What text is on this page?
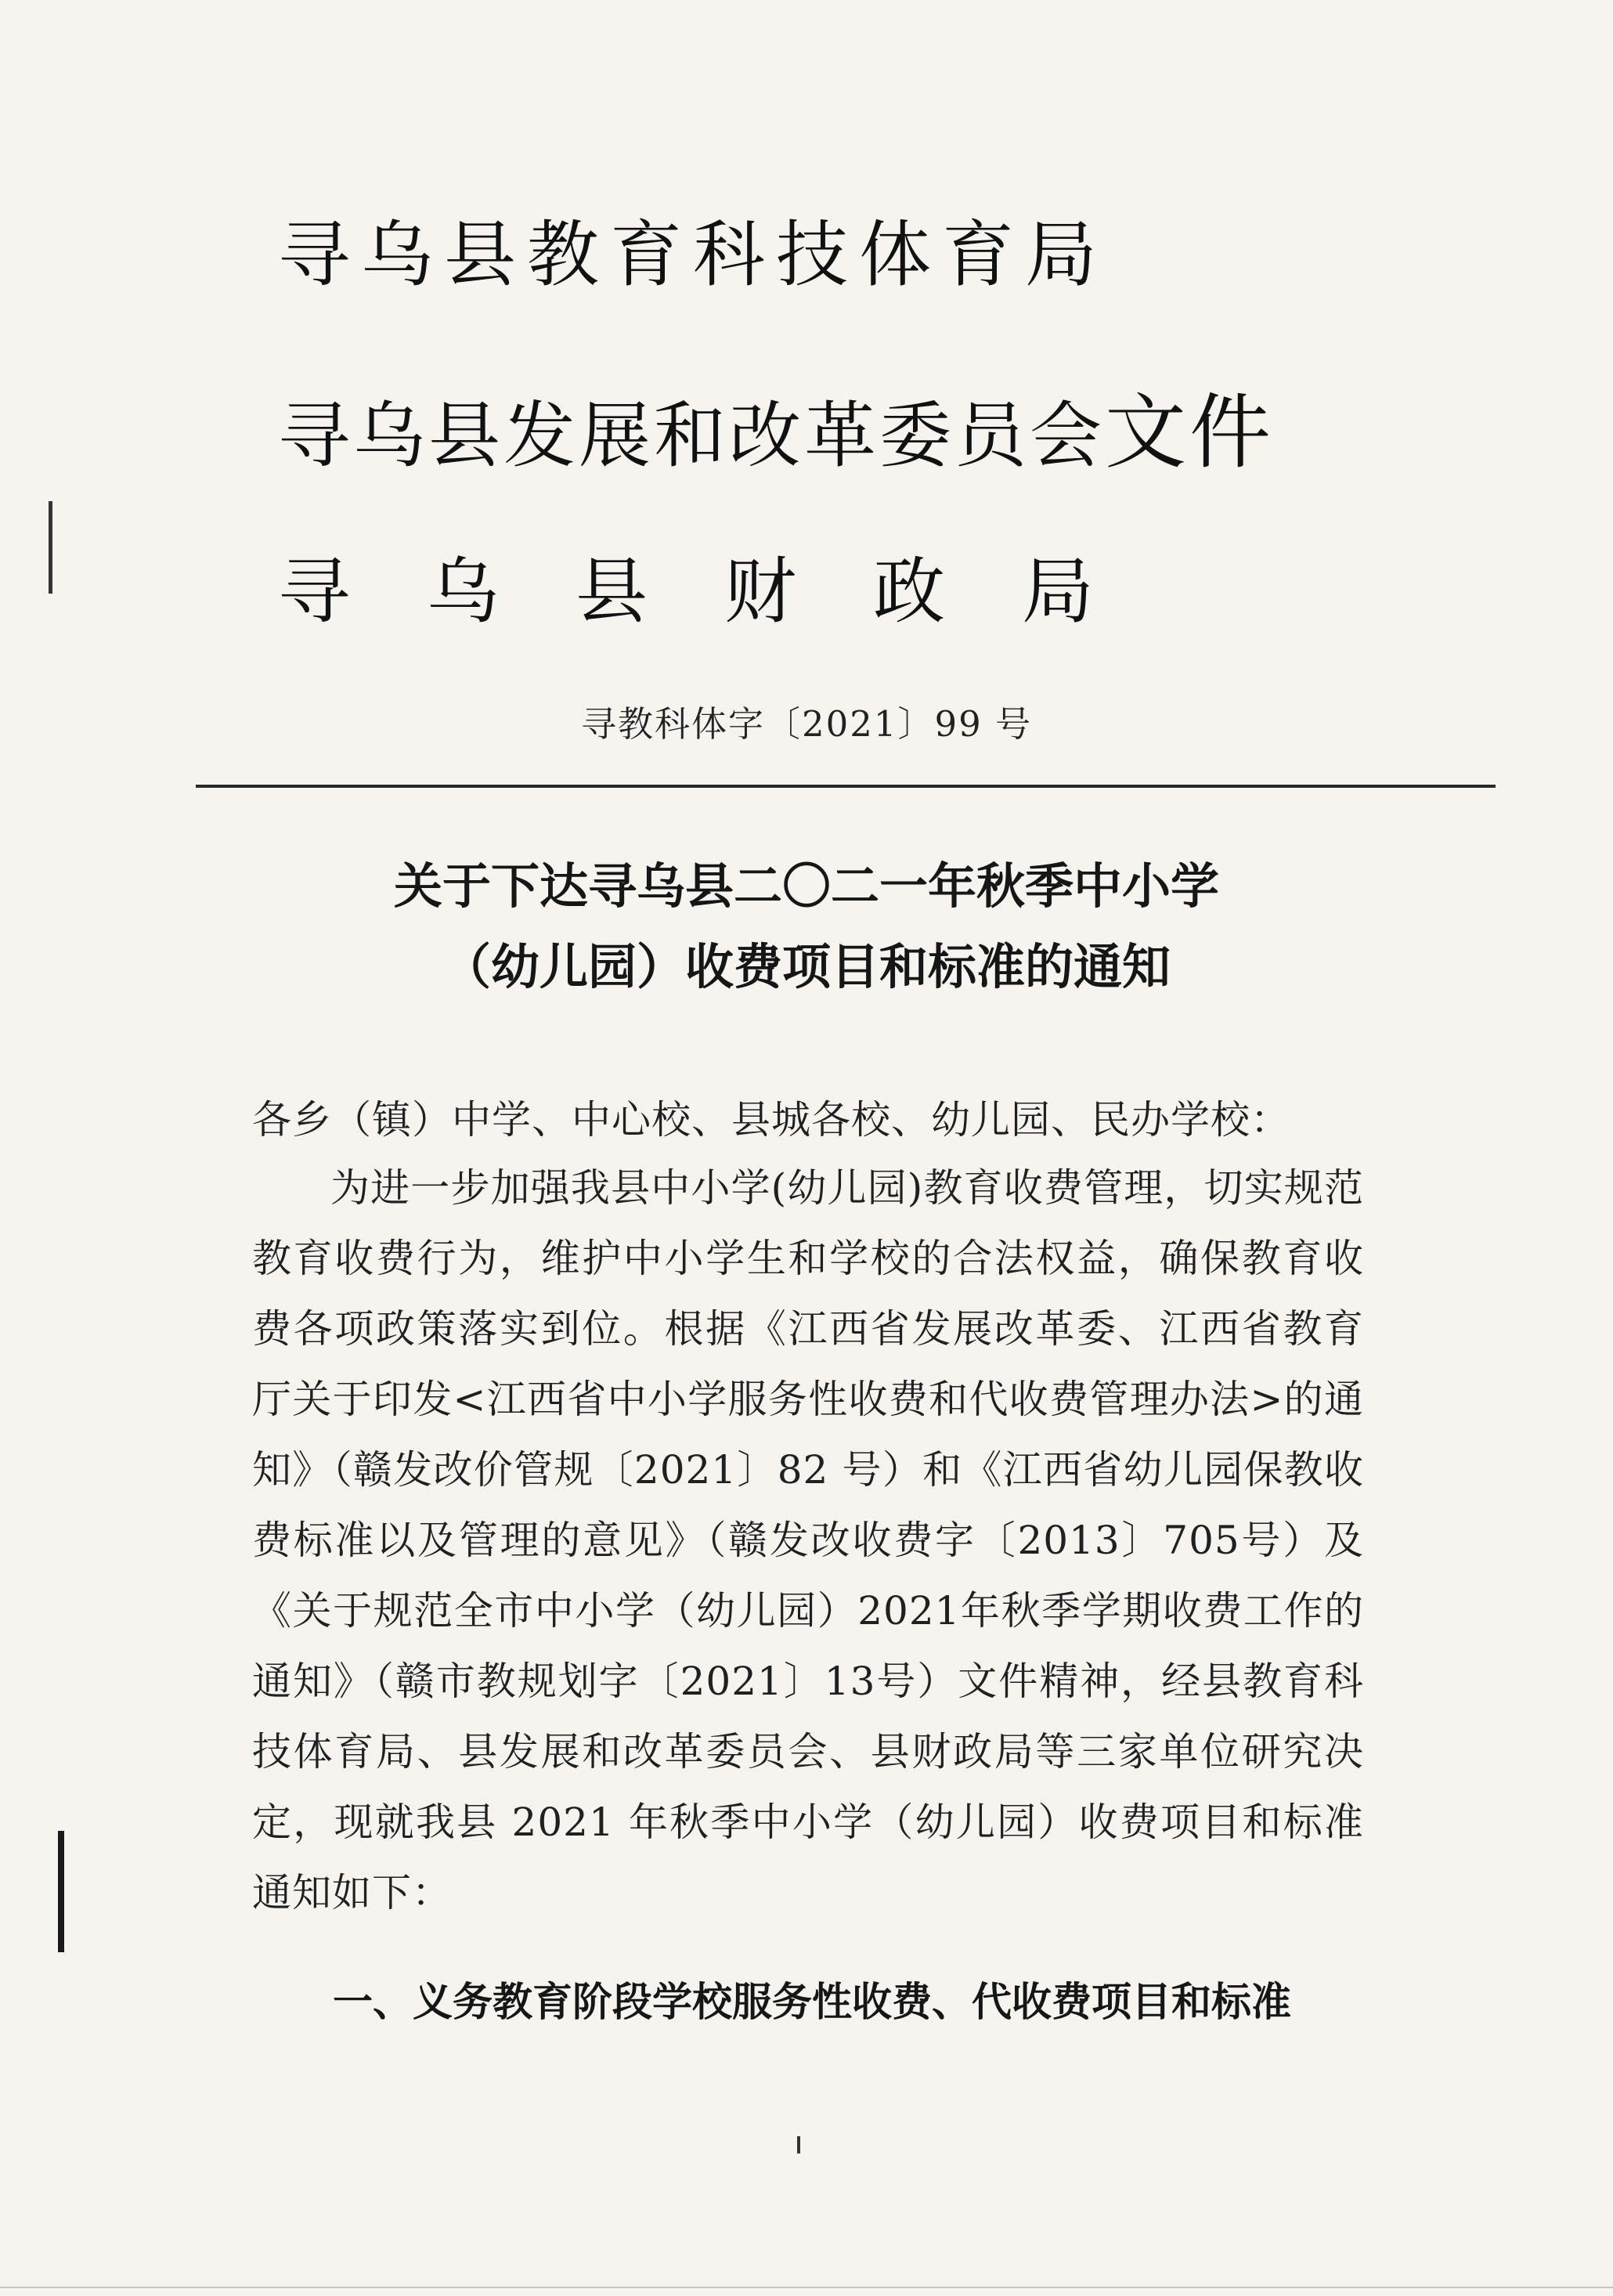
寻乌县教育科技体育局
寻乌县发展和改革委员会文件
寻乌县财政局
寻教科体字〔2021〕99 号
关于下达寻乌县二〇二一年秋季中小学
（幼儿园）收费项目和标准的通知
各乡（镇）中学、中心校、县城各校、幼儿园、民办学校：
为进一步加强我县中小学(幼儿园)教育收费管理，切实规范教育收费行为，维护中小学生和学校的合法权益，确保教育收费各项政策落实到位。根据《江西省发展改革委、江西省教育厅关于印发<江西省中小学服务性收费和代收费管理办法>的通知》（赣发改价管规〔2021〕82 号）和《江西省幼儿园保教收费标准以及管理的意见》（赣发改收费字〔2013〕705号）及《关于规范全市中小学（幼儿园）2021年秋季学期收费工作的通知》（赣市教规划字〔2021〕13号）文件精神，经县教育科技体育局、县发展和改革委员会、县财政局等三家单位研究决定，现就我县 2021 年秋季中小学（幼儿园）收费项目和标准通知如下：
一、义务教育阶段学校服务性收费、代收费项目和标准
